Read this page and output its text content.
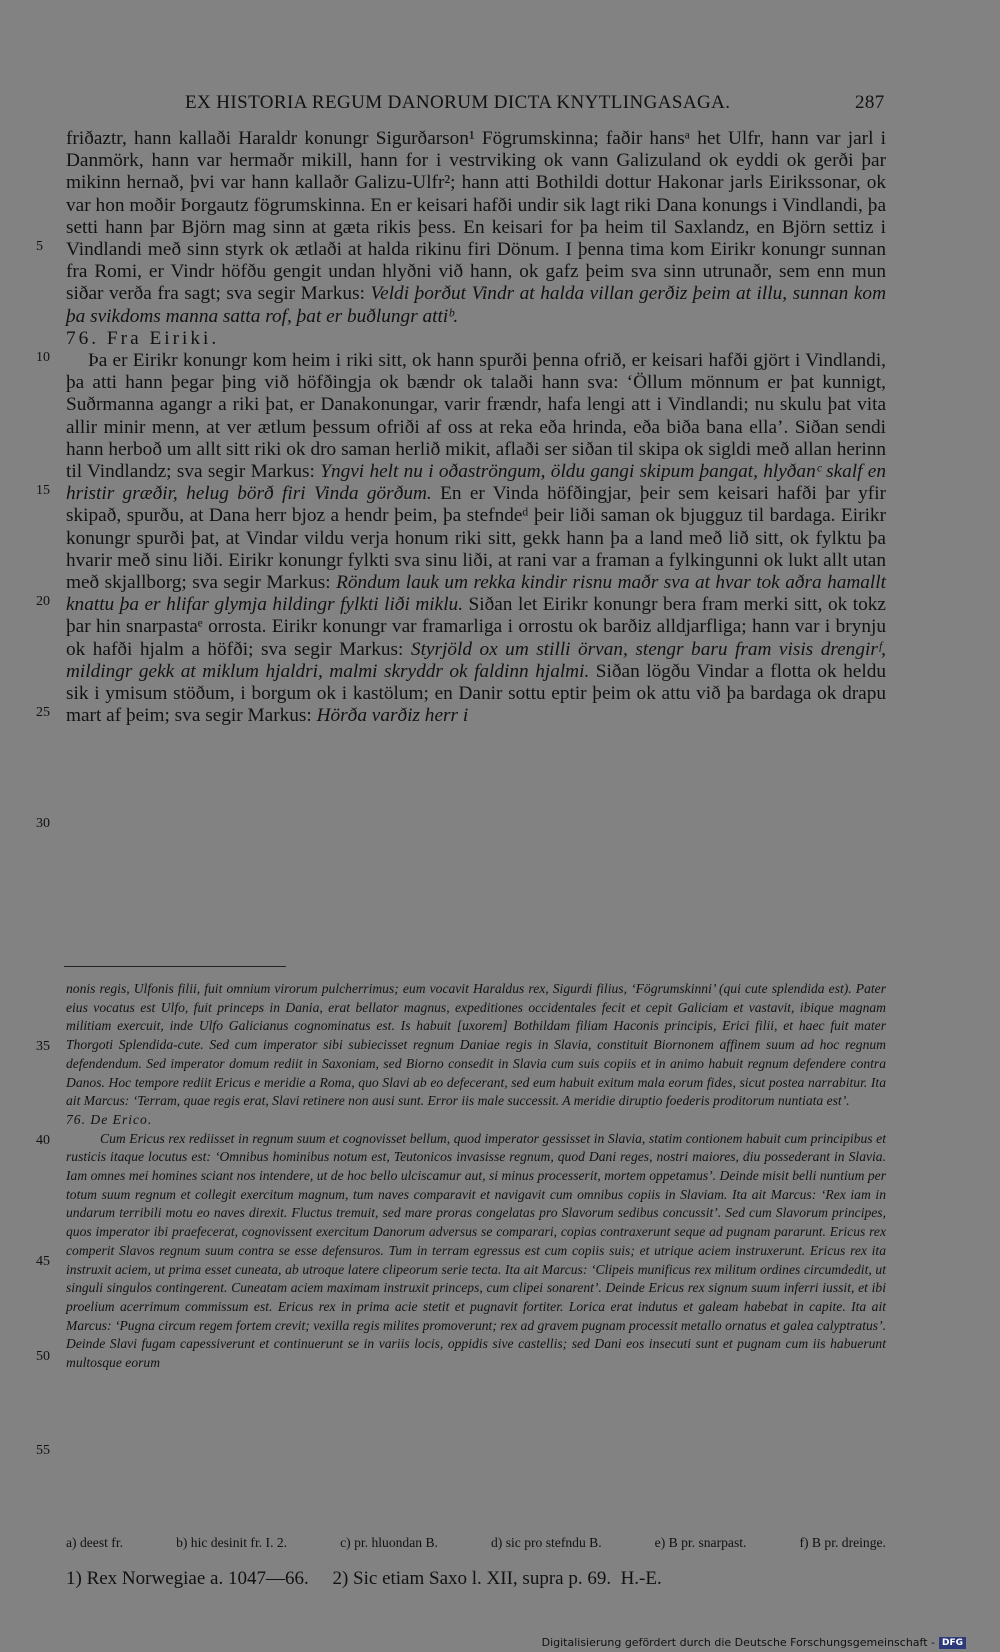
EX HISTORIA REGUM DANORUM DICTA KNYTLINGASAGA.	287
5
10
15
20
25
30
35
40
45
50
55

friðaztr, hann kallaði Haraldr konungr Sigurðarson¹ Fögrumskinna; faðir hansᵃ het Ulfr, hann var jarl i Danmörk, hann var hermaðr mikill, hann for i vestrviking ok vann Galizuland ok eyddi ok gerði þar mikinn hernað, þvi var hann kallaðr Galizu-Ulfr²; hann atti Bothildi dottur Hakonar jarls Eirikssonar, ok var hon moðir Þorgautz fögrumskinna. En er keisari hafði undir sik lagt riki Dana konungs i Vindlandi, þa setti hann þar Björn mag sinn at gæta rikis þess. En keisari for þa heim til Saxlandz, en Björn settiz i Vindlandi með sinn styrk ok ætlaði at halda rikinu firi Dönum. I þenna tima kom Eirikr konungr sunnan fra Romi, er Vindr höfðu gengit undan hlyðni við hann, ok gafz þeim sva sinn utrunaðr, sem enn mun siðar verða fra sagt; sva segir Markus: Veldi þorðut Vindr at halda villan gerðiz þeim at illu, sunnan kom þa svikdoms manna satta rof, þat er buðlungr attiᵇ.

76. Fra Eiriki.

Þa er Eirikr konungr kom heim i riki sitt, ok hann spurði þenna ofrið, er keisari hafði gjört i Vindlandi, þa atti hann þegar þing við höfðingja ok bændr ok talaði hann sva: ‘Öllum mönnum er þat kunnigt, Suðrmanna agangr a riki þat, er Danakonungar, varir frændr, hafa lengi att i Vindlandi; nu skulu þat vita allir minir menn, at ver ætlum þessum ofriði af oss at reka eða hrinda, eða biða bana ella’. Siðan sendi hann herboð um allt sitt riki ok dro saman herlið mikit, aflaði ser siðan til skipa ok sigldi með allan herinn til Vindlandz; sva segir Markus: Yngvi helt nu i oðaströngum, öldu gangi skipum þangat, hlyðanᶜ skalf en hristir græðir, helug börð firi Vinda görðum. En er Vinda höfðingjar, þeir sem keisari hafði þar yfir skipað, spurðu, at Dana herr bjoz a hendr þeim, þa stefndeᵈ þeir liði saman ok bjugguz til bardaga. Eirikr konungr spurði þat, at Vindar vildu verja honum riki sitt, gekk hann þa a land með lið sitt, ok fylktu þa hvarir með sinu liði. Eirikr konungr fylkti sva sinu liði, at rani var a framan a fylkingunni ok lukt allt utan með skjallborg; sva segir Markus: Röndum lauk um rekka kindir risnu maðr sva at hvar tok aðra hamallt knattu þa er hlifar glymja hildingr fylkti liði miklu. Siðan let Eirikr konungr bera fram merki sitt, ok tokz þar hin snarpastaᵉ orrosta. Eirikr konungr var framarliga i orrostu ok barðiz alldjarfliga; hann var i brynju ok hafði hjalm a höfði; sva segir Markus: Styrjöld ox um stilli örvan, stengr baru fram visis drengirᶠ, mildingr gekk at miklum hjaldri, malmi skryddr ok faldinn hjalmi. Siðan lögðu Vindar a flotta ok heldu sik i ymisum stöðum, i borgum ok i kastölum; en Danir sottu eptir þeim ok attu við þa bardaga ok drapu mart af þeim; sva segir Markus: Hörða varðiz herr i

nonis regis, Ulfonis filii, fuit omnium virorum pulcherrimus; eum vocavit Haraldus rex, Sigurdi filius, ‘Fögrumskinni’ (qui cute splendida est). Pater eius vocatus est Ulfo, fuit princeps in Dania, erat bellator magnus, expeditiones occidentales fecit et cepit Galiciam et vastavit, ibique magnam militiam exercuit, inde Ulfo Galicianus cognominatus est. Is habuit [uxorem] Bothildam filiam Haconis principis, Erici filii, et haec fuit mater Thorgoti Splendida-cute. Sed cum imperator sibi subiecisset regnum Daniae regis in Slavia, constituit Biornonem affinem suum ad hoc regnum defendendum. Sed imperator domum rediit in Saxoniam, sed Biorno consedit in Slavia cum suis copiis et in animo habuit regnum defendere contra Danos. Hoc tempore rediit Ericus e meridie a Roma, quo Slavi ab eo defecerant, sed eum habuit exitum mala eorum fides, sicut postea narrabitur. Ita ait Marcus: ‘Terram, quae regis erat, Slavi retinere non ausi sunt. Error iis male successit. A meridie diruptio foederis proditorum nuntiata est’.

76. De Erico.

Cum Ericus rex rediisset in regnum suum et cognovisset bellum, quod imperator gessisset in Slavia, statim contionem habuit cum principibus et rusticis itaque locutus est: ‘Omnibus hominibus notum est, Teutonicos invasisse regnum, quod Dani reges, nostri maiores, diu possederant in Slavia. Iam omnes mei homines sciant nos intendere, ut de hoc bello ulciscamur aut, si minus processerit, mortem oppetamus’. Deinde misit belli nuntium per totum suum regnum et collegit exercitum magnum, tum naves comparavit et navigavit cum omnibus copiis in Slaviam. Ita ait Marcus: ‘Rex iam in undarum terribili motu eo naves direxit. Fluctus tremuit, sed mare proras congelatas pro Slavorum sedibus concussit’. Sed cum Slavorum principes, quos imperator ibi praefecerat, cognovissent exercitum Danorum adversus se comparari, copias contraxerunt seque ad pugnam pararunt. Ericus rex comperit Slavos regnum suum contra se esse defensuros. Tum in terram egressus est cum copiis suis; et utrique aciem instruxerunt. Ericus rex ita instruxit aciem, ut prima esset cuneata, ab utroque latere clipeorum serie tecta. Ita ait Marcus: ‘Clipeis munificus rex militum ordines circumdedit, ut singuli singulos contingerent. Cuneatam aciem maximam instruxit princeps, cum clipei sonarent’. Deinde Ericus rex signum suum inferri iussit, et ibi proelium acerrimum commissum est. Ericus rex in prima acie stetit et pugnavit fortiter. Lorica erat indutus et galeam habebat in capite. Ita ait Marcus: ‘Pugna circum regem fortem crevit; vexilla regis milites promoverunt; rex ad gravem pugnam processit metallo ornatus et galea calyptratus’. Deinde Slavi fugam capessiverunt et continuerunt se in variis locis, oppidis sive castellis; sed Dani eos insecuti sunt et pugnam cum iis habuerunt multosque eorum

a) deest fr.	b) hic desinit fr. I. 2.	c) pr. hluondan B.	d) sic pro stefndu B.	e) B pr. snarpast.	f) B pr. dreinge.
1) Rex Norwegiae a. 1047—66.     2) Sic etiam Saxo l. XII, supra p. 69.  H.-E.
Digitalisierung gefördert durch die Deutsche Forschungsgemeinschaft - DFG
